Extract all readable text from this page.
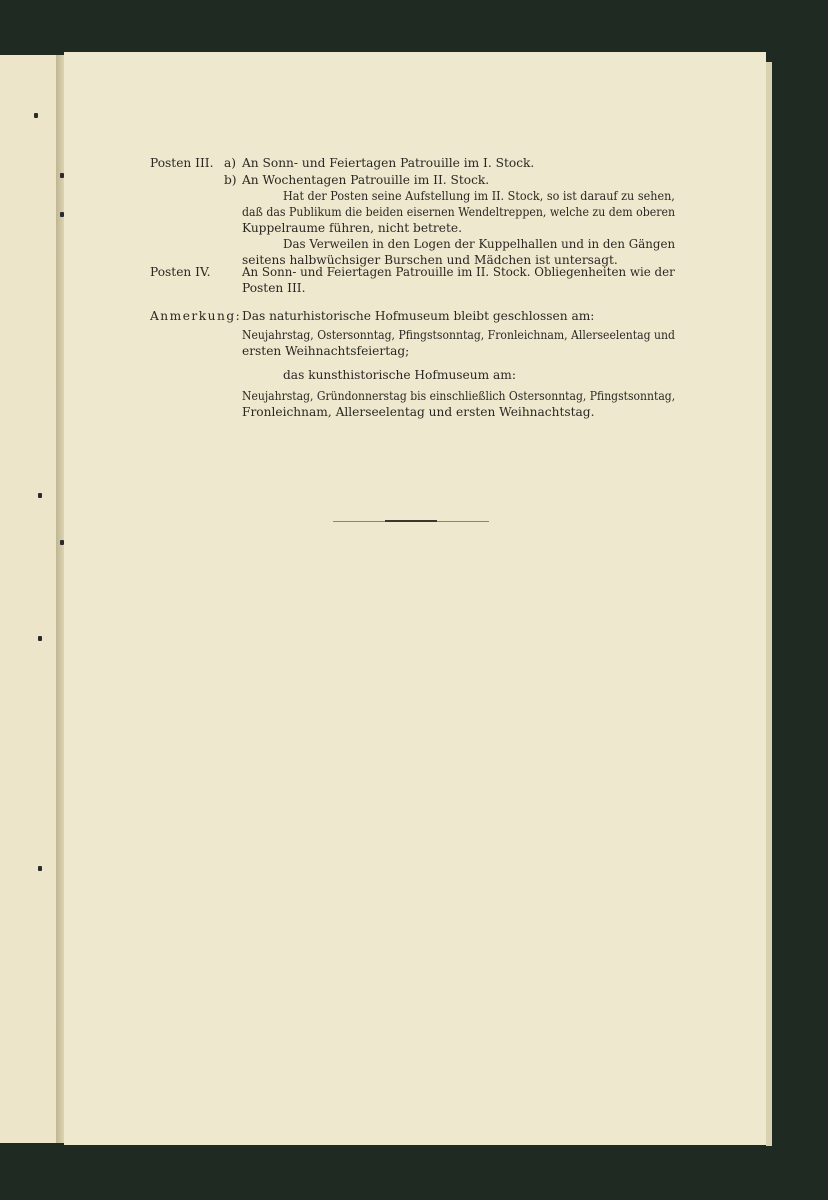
Posten III. a) An Sonn- und Feiertagen Patrouille im I. Stock.
b) An Wochentagen Patrouille im II. Stock.
Hat der Posten seine Aufstellung im II. Stock, so ist darauf zu sehen,
daß das Publikum die beiden eisernen Wendeltreppen, welche zu dem oberen
Kuppelraume führen, nicht betrete.
Das Verweilen in den Logen der Kuppelhallen und in den Gängen
seitens halbwüchsiger Burschen und Mädchen ist untersagt.
Posten IV.	An Sonn- und Feiertagen Patrouille im II. Stock. Obliegenheiten wie der
Posten III.
Anmerkung: Das naturhistorische Hofmuseum bleibt geschlossen am:
Neujahrstag, Ostersonntag, Pfingstsonntag, Fronleichnam, Allerseelentag und
ersten Weihnachtsfeiertag;
das kunsthistorische Hofmuseum am:
Neujahrstag, Gründonnerstag bis einschließlich Ostersonntag, Pfingstsonntag,
Fronleichnam, Allerseelentag und ersten Weihnachtstag.
